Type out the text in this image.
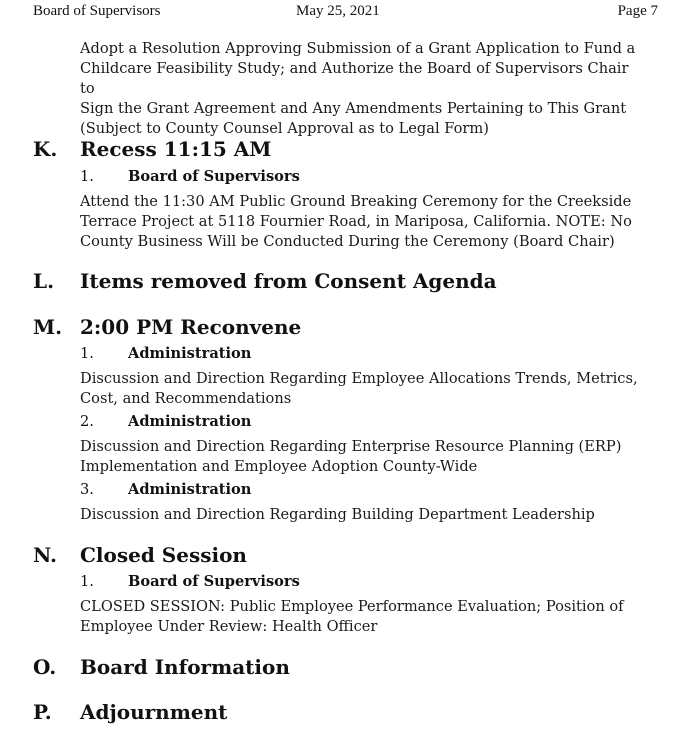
Board of Supervisors	May 25, 2021	Page 7
Adopt a Resolution Approving Submission of a Grant Application to Fund a
Childcare Feasibility Study; and Authorize the Board of Supervisors Chair to
Sign the Grant Agreement and Any Amendments Pertaining to This Grant
(Subject to County Counsel Approval as to Legal Form)
K. Recess 11:15 AM
1. Board of Supervisors
Attend the 11:30 AM Public Ground Breaking Ceremony for the Creekside
Terrace Project at 5118 Fournier Road, in Mariposa, California. NOTE: No
County Business Will be Conducted During the Ceremony (Board Chair)
L. Items removed from Consent Agenda
M. 2:00 PM Reconvene
1. Administration
Discussion and Direction Regarding Employee Allocations Trends, Metrics,
Cost, and Recommendations
2. Administration
Discussion and Direction Regarding Enterprise Resource Planning (ERP)
Implementation and Employee Adoption County-Wide
3. Administration
Discussion and Direction Regarding Building Department Leadership
N. Closed Session
1. Board of Supervisors
CLOSED SESSION: Public Employee Performance Evaluation; Position of
Employee Under Review: Health Officer
O. Board Information
P. Adjournment
